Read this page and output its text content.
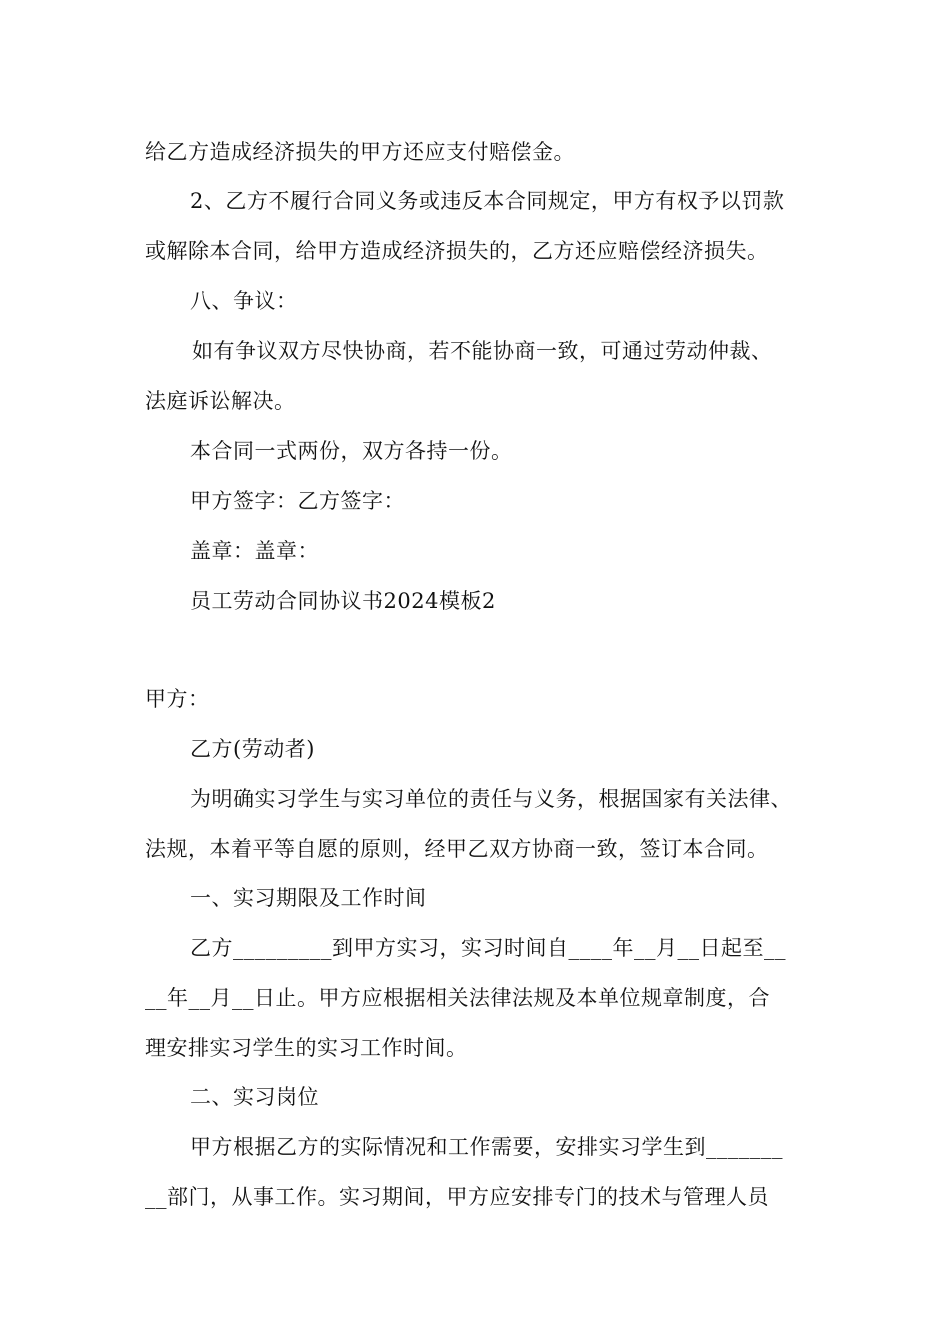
给乙方造成经济损失的甲方还应支付赔偿金。
2、乙方不履行合同义务或违反本合同规定，甲方有权予以罚款
或解除本合同，给甲方造成经济损失的，乙方还应赔偿经济损失。
八、争议：
如有争议双方尽快协商，若不能协商一致，可通过劳动仲裁、
法庭诉讼解决。
本合同一式两份，双方各持一份。
甲方签字：乙方签字：
盖章：盖章：
员工劳动合同协议书2024模板2
甲方：
乙方(劳动者)
为明确实习学生与实习单位的责任与义务，根据国家有关法律、
法规，本着平等自愿的原则，经甲乙双方协商一致，签订本合同。
一、实习期限及工作时间
乙方_________到甲方实习，实习时间自____年__月__日起至__
__年__月__日止。甲方应根据相关法律法规及本单位规章制度，合
理安排实习学生的实习工作时间。
二、实习岗位
甲方根据乙方的实际情况和工作需要，安排实习学生到_______
__部门，从事工作。实习期间，甲方应安排专门的技术与管理人员
